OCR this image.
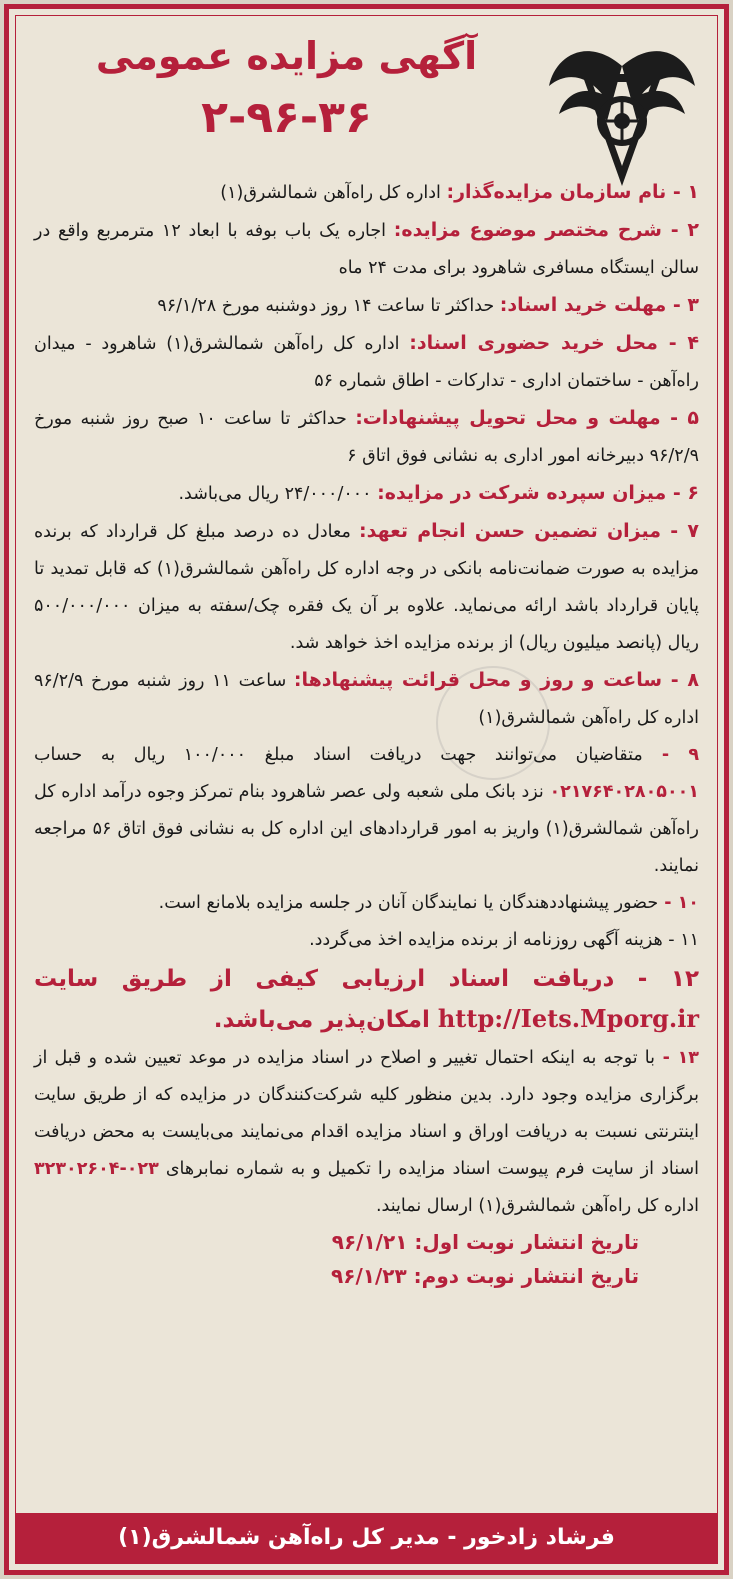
آگهی مزایده عمومی
۲-۹۶-۳۶

۱ - نام سازمان مزایده‌گذار: اداره کل راه‌آهن شمالشرق(۱)

۲ - شرح مختصر موضوع مزایده: اجاره یک باب بوفه با ابعاد ۱۲ مترمربع واقع در سالن ایستگاه مسافری شاهرود برای مدت ۲۴ ماه

۳ - مهلت خرید اسناد: حداکثر تا ساعت ۱۴ روز دوشنبه مورخ ۹۶/۱/۲۸

۴ - محل خرید حضوری اسناد: اداره کل راه‌آهن شمالشرق(۱) شاهرود - میدان راه‌آهن - ساختمان اداری - تدارکات - اطاق شماره ۵۶

۵ - مهلت و محل تحویل پیشنهادات: حداکثر تا ساعت ۱۰ صبح روز شنبه مورخ ۹۶/۲/۹ دبیرخانه امور اداری به نشانی فوق اتاق ۶

۶ - میزان سپرده شرکت در مزایده: ۲۴/۰۰۰/۰۰۰ ریال می‌باشد.

۷ - میزان تضمین حسن انجام تعهد: معادل ده درصد مبلغ کل قرارداد که برنده مزایده به صورت ضمانت‌نامه بانکی در وجه اداره کل راه‌آهن شمالشرق(۱) که قابل تمدید تا پایان قرارداد باشد ارائه می‌نماید. علاوه بر آن یک فقره چک/سفته به میزان ۵۰۰/۰۰۰/۰۰۰ ریال (پانصد میلیون ریال) از برنده مزایده اخذ خواهد شد.

۸ - ساعت و روز و محل قرائت پیشنهادها: ساعت ۱۱ روز شنبه مورخ ۹۶/۲/۹ اداره کل راه‌آهن شمالشرق(۱)

۹ - متقاضیان می‌توانند جهت دریافت اسناد مبلغ ۱۰۰/۰۰۰ ریال به حساب ۰۲۱۷۶۴۰۲۸۰۵۰۰۱ نزد بانک ملی شعبه ولی عصر شاهرود بنام تمرکز وجوه درآمد اداره کل راه‌آهن شمالشرق(۱) واریز به امور قراردادهای این اداره کل به نشانی فوق اتاق ۵۶ مراجعه نمایند.

۱۰ - حضور پیشنهاددهندگان یا نمایندگان آنان در جلسه مزایده بلامانع است.

۱۱ - هزینه آگهی روزنامه از برنده مزایده اخذ می‌گردد.

۱۲ - دریافت اسناد ارزیابی کیفی از طریق سایت http://Iets.Mporg.ir امکان‌پذیر می‌باشد.

۱۳ - با توجه به اینکه احتمال تغییر و اصلاح در اسناد مزایده در موعد تعیین شده و قبل از برگزاری مزایده وجود دارد. بدین منظور کلیه شرکت‌کنندگان در مزایده که از طریق سایت اینترنتی نسبت به دریافت اوراق و اسناد مزایده اقدام می‌نمایند می‌بایست به محض دریافت اسناد از سایت فرم پیوست اسناد مزایده را تکمیل و به شماره نمابرهای ۰۲۳-۳۲۳۰۲۶۰۴ اداره کل راه‌آهن شمالشرق(۱) ارسال نمایند.

تاریخ انتشار نوبت اول: ۹۶/۱/۲۱
تاریخ انتشار نوبت دوم: ۹۶/۱/۲۳
فرشاد زادخور - مدیر کل راه‌آهن شمالشرق(۱)
